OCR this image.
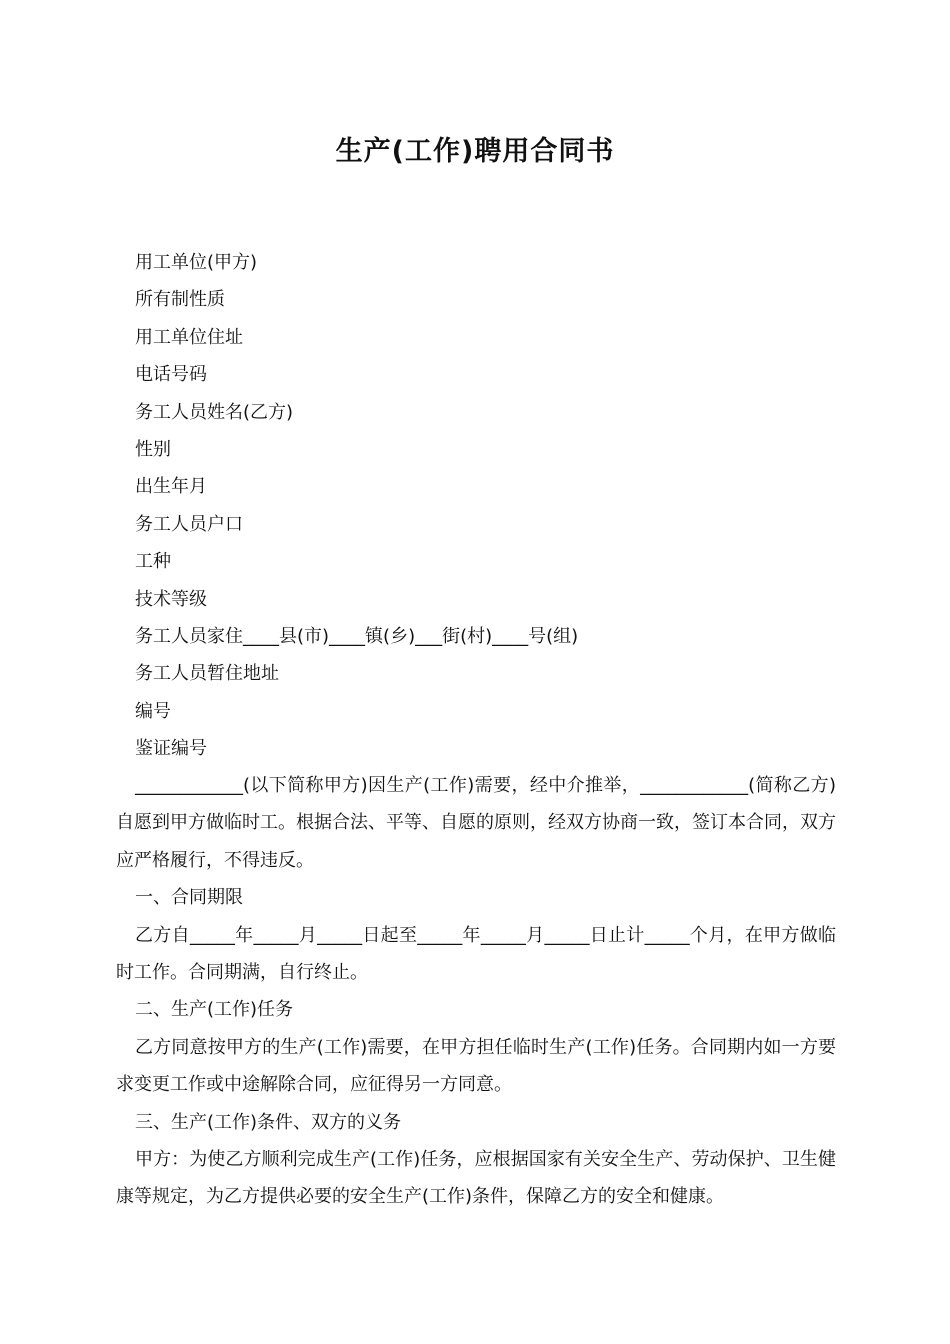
生产(工作)聘用合同书
用工单位(甲方)
所有制性质
用工单位住址
电话号码
务工人员姓名(乙方)
性别
出生年月
务工人员户口
工种
技术等级
务工人员家住____县(市)____镇(乡)___街(村)____号(组)
务工人员暂住地址
编号
鉴证编号

____________(以下简称甲方)因生产(工作)需要，经中介推举，____________(简称乙方)自愿到甲方做临时工。根据合法、平等、自愿的原则，经双方协商一致，签订本合同，双方应严格履行，不得违反。

一、合同期限

乙方自_____年_____月_____日起至_____年_____月_____日止计_____个月，在甲方做临时工作。合同期满，自行终止。

二、生产(工作)任务

乙方同意按甲方的生产(工作)需要，在甲方担任临时生产(工作)任务。合同期内如一方要求变更工作或中途解除合同，应征得另一方同意。

三、生产(工作)条件、双方的义务

甲方：为使乙方顺利完成生产(工作)任务，应根据国家有关安全生产、劳动保护、卫生健康等规定，为乙方提供必要的安全生产(工作)条件，保障乙方的安全和健康。
